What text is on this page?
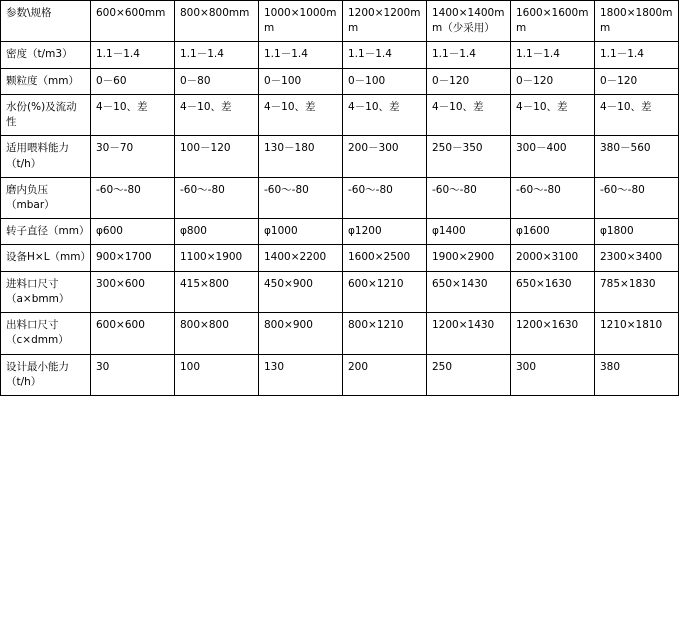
参数\规格	600×600mm	800×800mm	1000×1000mm	1200×1200mm	1400×1400mm（少采用）	1600×1600mm	1800×1800mm
密度（t/m3）	1.1－1.4	1.1－1.4	1.1－1.4	1.1－1.4	1.1－1.4	1.1－1.4	1.1－1.4
颗粒度（mm）	0－60	0－80	0－100	0－100	0－120	0－120	0－120
水份(%)及流动性	4－10、差	4－10、差	4－10、差	4－10、差	4－10、差	4－10、差	4－10、差
适用喂料能力（t/h）	30－70	100－120	130－180	200－300	250－350	300－400	380－560
磨内负压（mbar）	-60～-80	-60～-80	-60～-80	-60～-80	-60～-80	-60～-80	-60～-80
转子直径（mm）	φ600	φ800	φ1000	φ1200	φ1400	φ1600	φ1800
设备H×L（mm）	900×1700	1100×1900	1400×2200	1600×2500	1900×2900	2000×3100	2300×3400
进料口尺寸（a×bmm）	300×600	415×800	450×900	600×1210	650×1430	650×1630	785×1830
出料口尺寸（c×dmm）	600×600	800×800	800×900	800×1210	1200×1430	1200×1630	1210×1810
设计最小能力（t/h）	30	100	130	200	250	300	380
